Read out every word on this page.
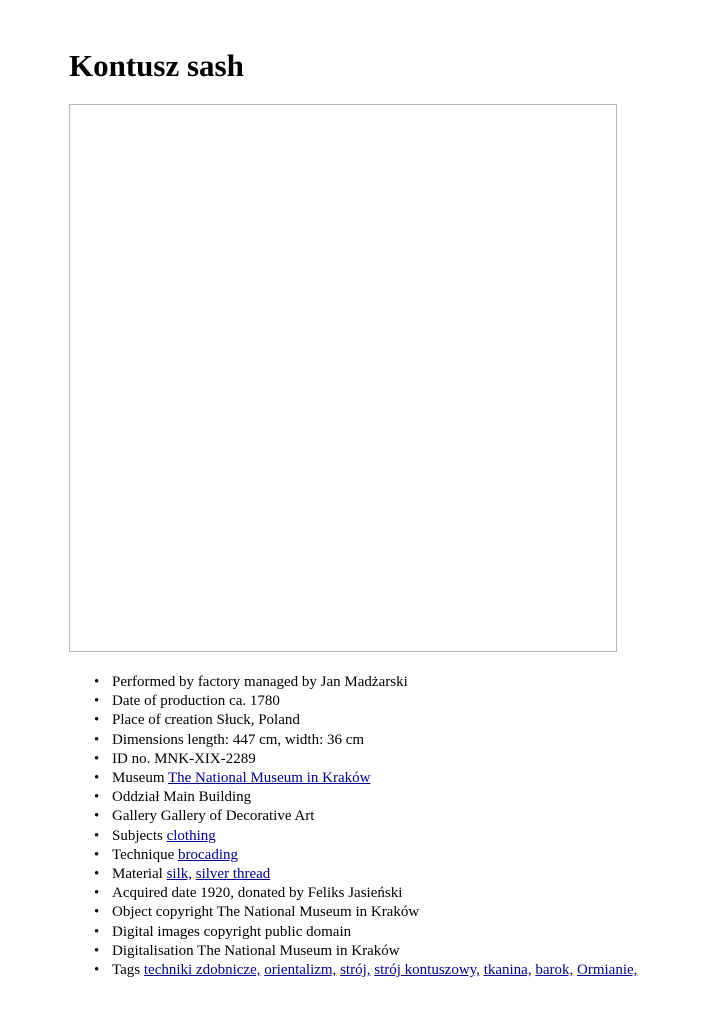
Kontusz sash
• Performed by factory managed by Jan Madżarski
• Date of production ca. 1780
• Place of creation Słuck, Poland
• Dimensions length: 447 cm, width: 36 cm
• ID no. MNK-XIX-2289
• Museum The National Museum in Kraków
• Oddział Main Building
• Gallery Gallery of Decorative Art
• Subjects clothing
• Technique brocading
• Material silk, silver thread
• Acquired date 1920, donated by Feliks Jasieński
• Object copyright The National Museum in Kraków
• Digital images copyright public domain
• Digitalisation The National Museum in Kraków
• Tags techniki zdobnicze, orientalizm, strój, strój kontuszowy, tkanina, barok, Ormianie,
